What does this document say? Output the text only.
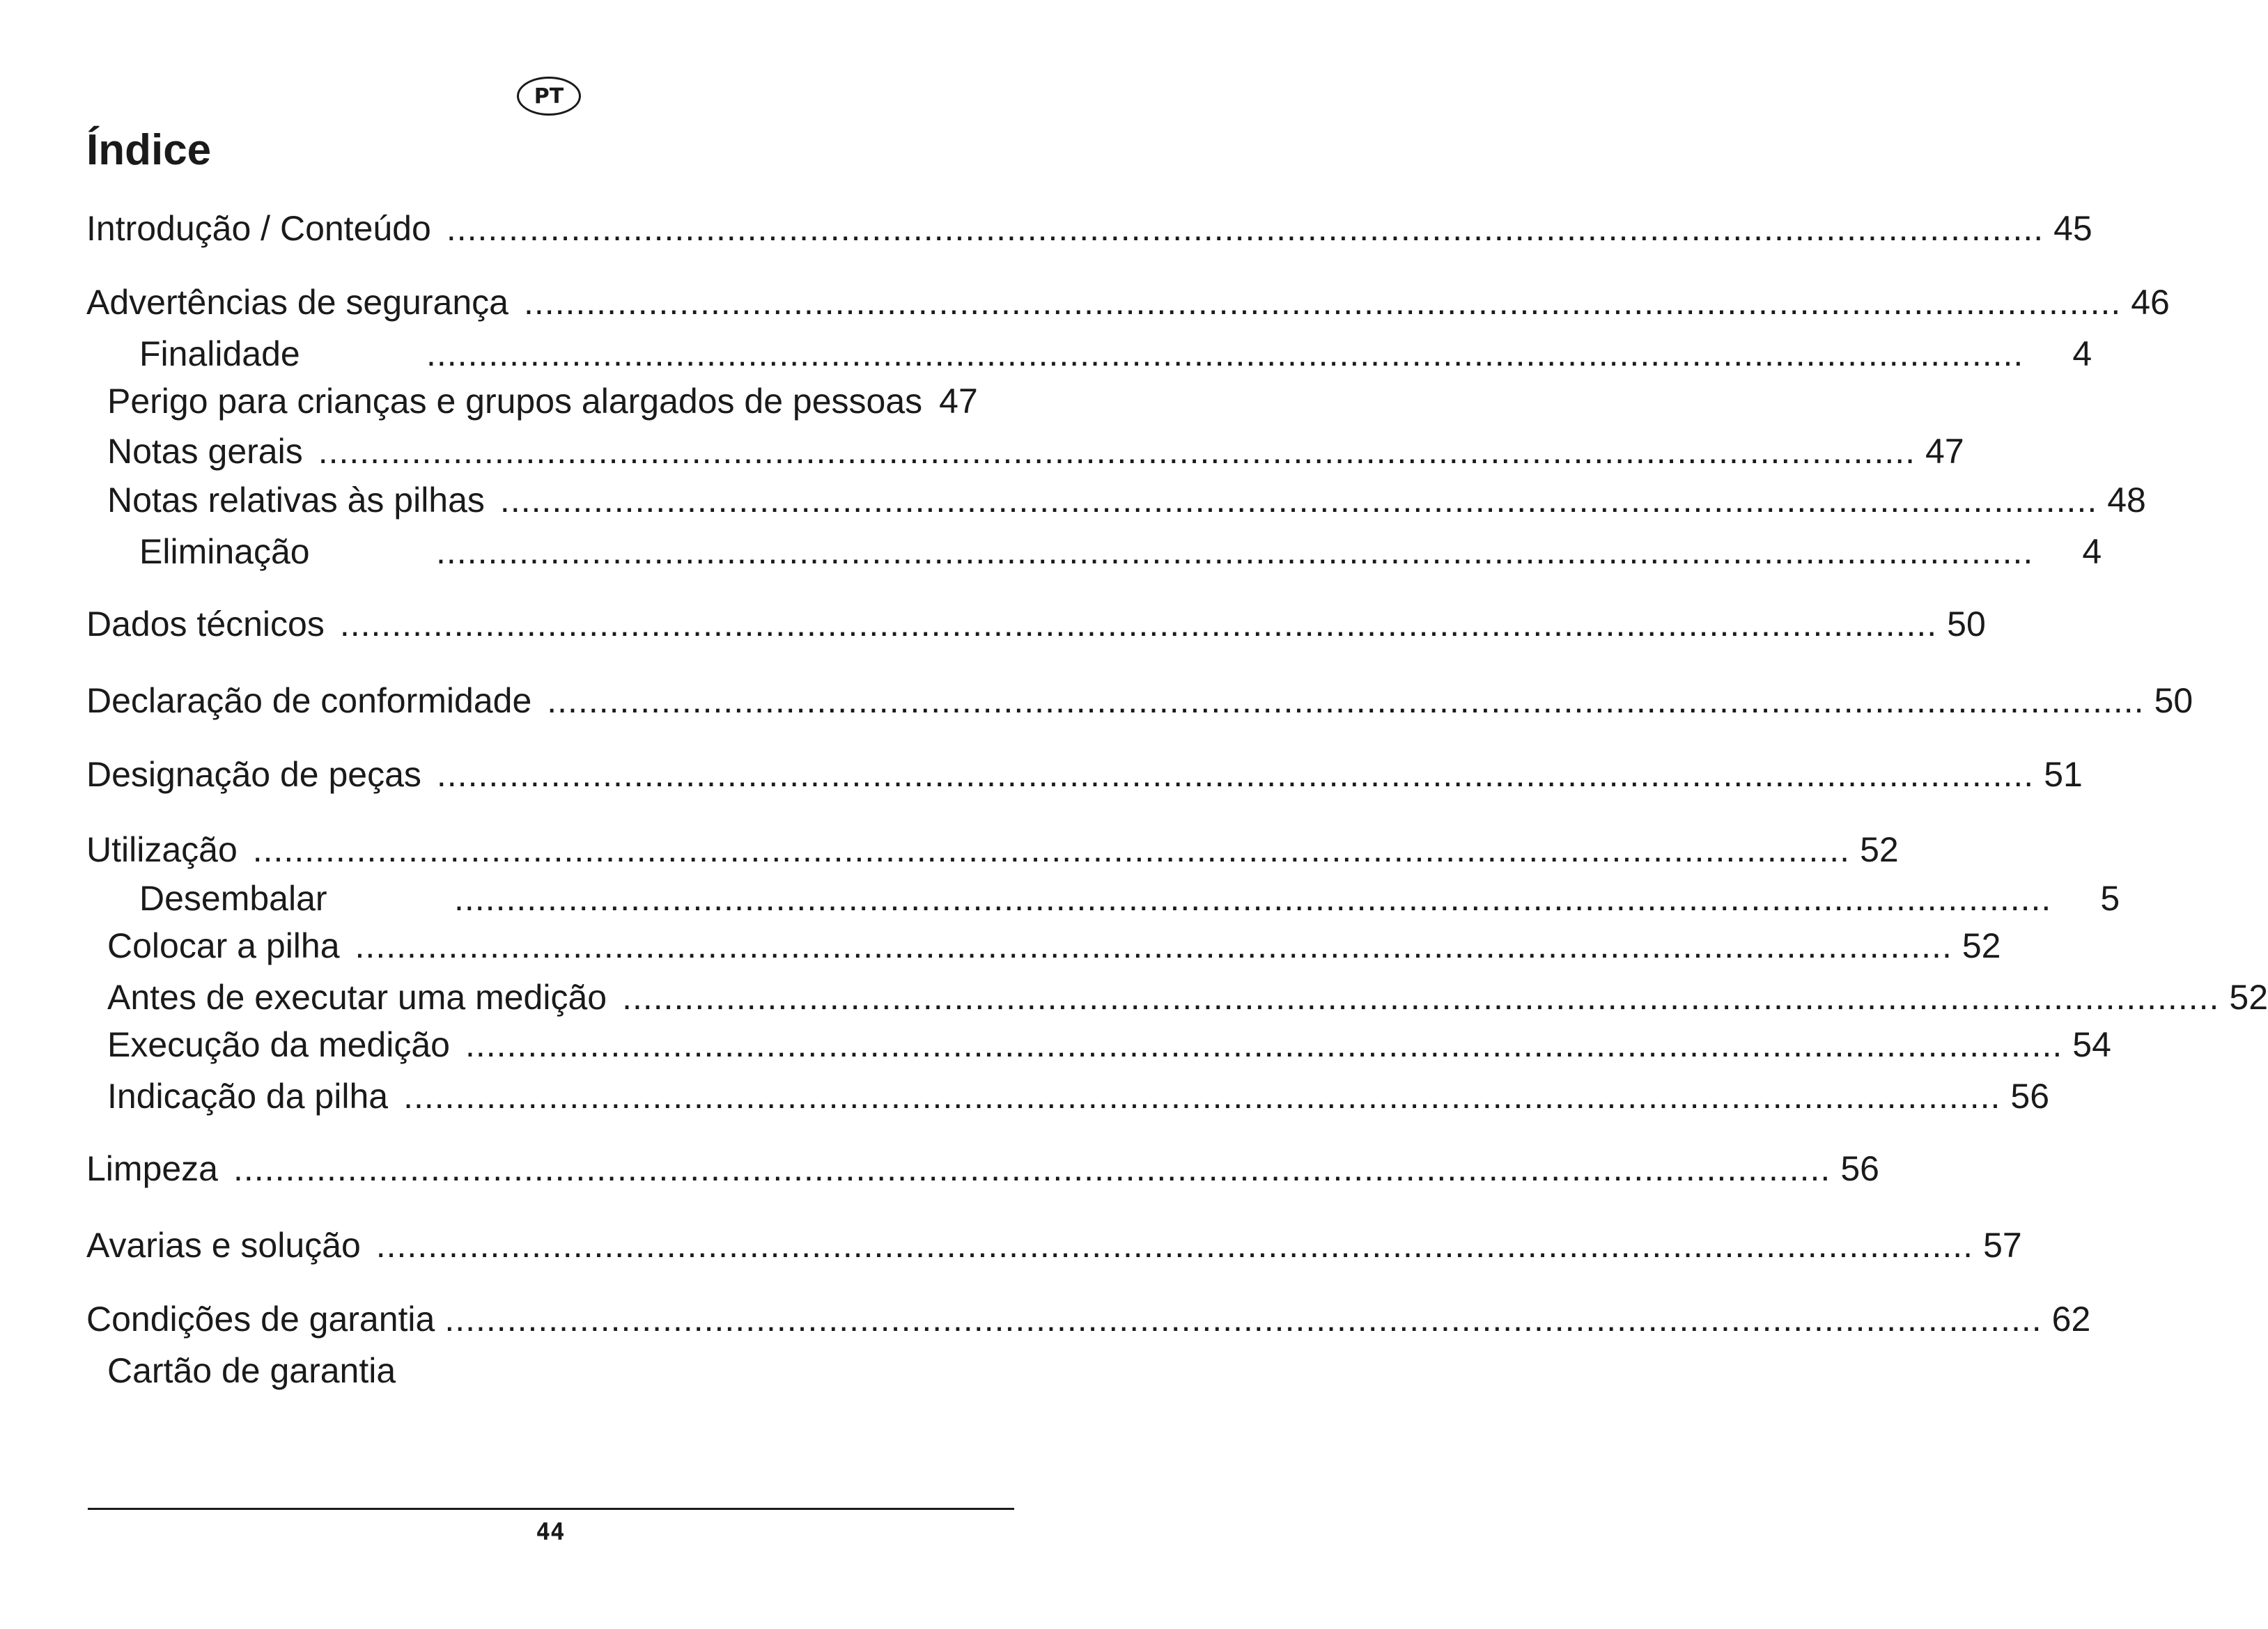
PT
Índice
Introdução / Conteúdo .......................................................................................................................................................... 45
Advertências de segurança .......................................................................................................................................................... 46
Finalidade	.......................................................................................................................................................... 4
Perigo para crianças e grupos alargados de pessoas 47
Notas gerais .......................................................................................................................................................... 47
Notas relativas às pilhas .......................................................................................................................................................... 48
Eliminação	.......................................................................................................................................................... 4
Dados técnicos .......................................................................................................................................................... 50
Declaração de conformidade .......................................................................................................................................................... 50
Designação de peças .......................................................................................................................................................... 51
Utilização .......................................................................................................................................................... 52
Desembalar	.......................................................................................................................................................... 5
Colocar a pilha .......................................................................................................................................................... 52
Antes de executar uma medição .......................................................................................................................................................... 52
Execução da medição .......................................................................................................................................................... 54
Indicação da pilha .......................................................................................................................................................... 56
Limpeza .......................................................................................................................................................... 56
Avarias e solução .......................................................................................................................................................... 57
Condições de garantia .......................................................................................................................................................... 62
Cartão de garantia
44
